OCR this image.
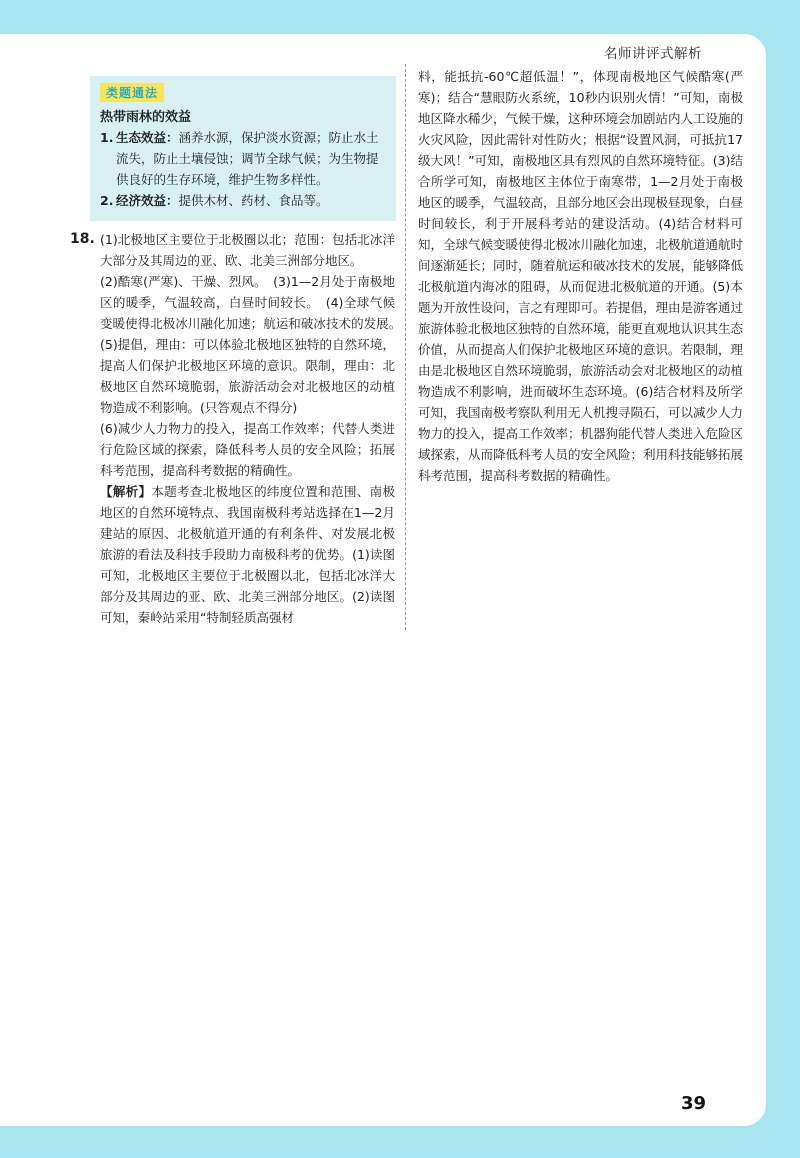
名师讲评式解析
类题通法
热带雨林的效益
1. 生态效益：涵养水源，保护淡水资源；防止水土流失，防止土壤侵蚀；调节全球气候；为生物提供良好的生存环境，维护生物多样性。
2. 经济效益：提供木材、药材、食品等。
18. (1)北极地区主要位于北极圈以北；范围：包括北冰洋大部分及其周边的亚、欧、北美三洲部分地区。

(2)酷寒(严寒)、干燥、烈风。　(3)1—2月处于南极地区的暖季，气温较高，白昼时间较长。　(4)全球气候变暖使得北极冰川融化加速；航运和破冰技术的发展。　(5)提倡，理由：可以体验北极地区独特的自然环境，提高人们保护北极地区环境的意识。限制，理由：北极地区自然环境脆弱，旅游活动会对北极地区的动植物造成不利影响。(只答观点不得分)

(6)减少人力物力的投入，提高工作效率；代替人类进行危险区域的探索，降低科考人员的安全风险；拓展科考范围，提高科考数据的精确性。

【解析】本题考查北极地区的纬度位置和范围、南极地区的自然环境特点、我国南极科考站选择在1—2月建站的原因、北极航道开通的有利条件、对发展北极旅游的看法及科技手段助力南极科考的优势。(1)读图可知，北极地区主要位于北极圈以北，包括北冰洋大部分及其周边的亚、欧、北美三洲部分地区。(2)读图可知，秦岭站采用“特制轻质高强材

料，能抵抗-60℃超低温！”，体现南极地区气候酷寒(严寒)；结合“慧眼防火系统，10秒内识别火情！”可知，南极地区降水稀少，气候干燥，这种环境会加剧站内人工设施的火灾风险，因此需针对性防火；根据“设置风洞，可抵抗17级大风！”可知，南极地区具有烈风的自然环境特征。(3)结合所学可知，南极地区主体位于南寒带，1—2月处于南极地区的暖季，气温较高，且部分地区会出现极昼现象，白昼时间较长，利于开展科考站的建设活动。(4)结合材料可知，全球气候变暖使得北极冰川融化加速，北极航道通航时间逐渐延长；同时，随着航运和破冰技术的发展，能够降低北极航道内海冰的阻碍，从而促进北极航道的开通。(5)本题为开放性设问，言之有理即可。若提倡，理由是游客通过旅游体验北极地区独特的自然环境，能更直观地认识其生态价值，从而提高人们保护北极地区环境的意识。若限制，理由是北极地区自然环境脆弱，旅游活动会对北极地区的动植物造成不利影响，进而破坏生态环境。(6)结合材料及所学可知，我国南极考察队利用无人机搜寻陨石，可以减少人力物力的投入，提高工作效率；机器狗能代替人类进入危险区域探索，从而降低科考人员的安全风险；利用科技能够拓展科考范围，提高科考数据的精确性。

39
